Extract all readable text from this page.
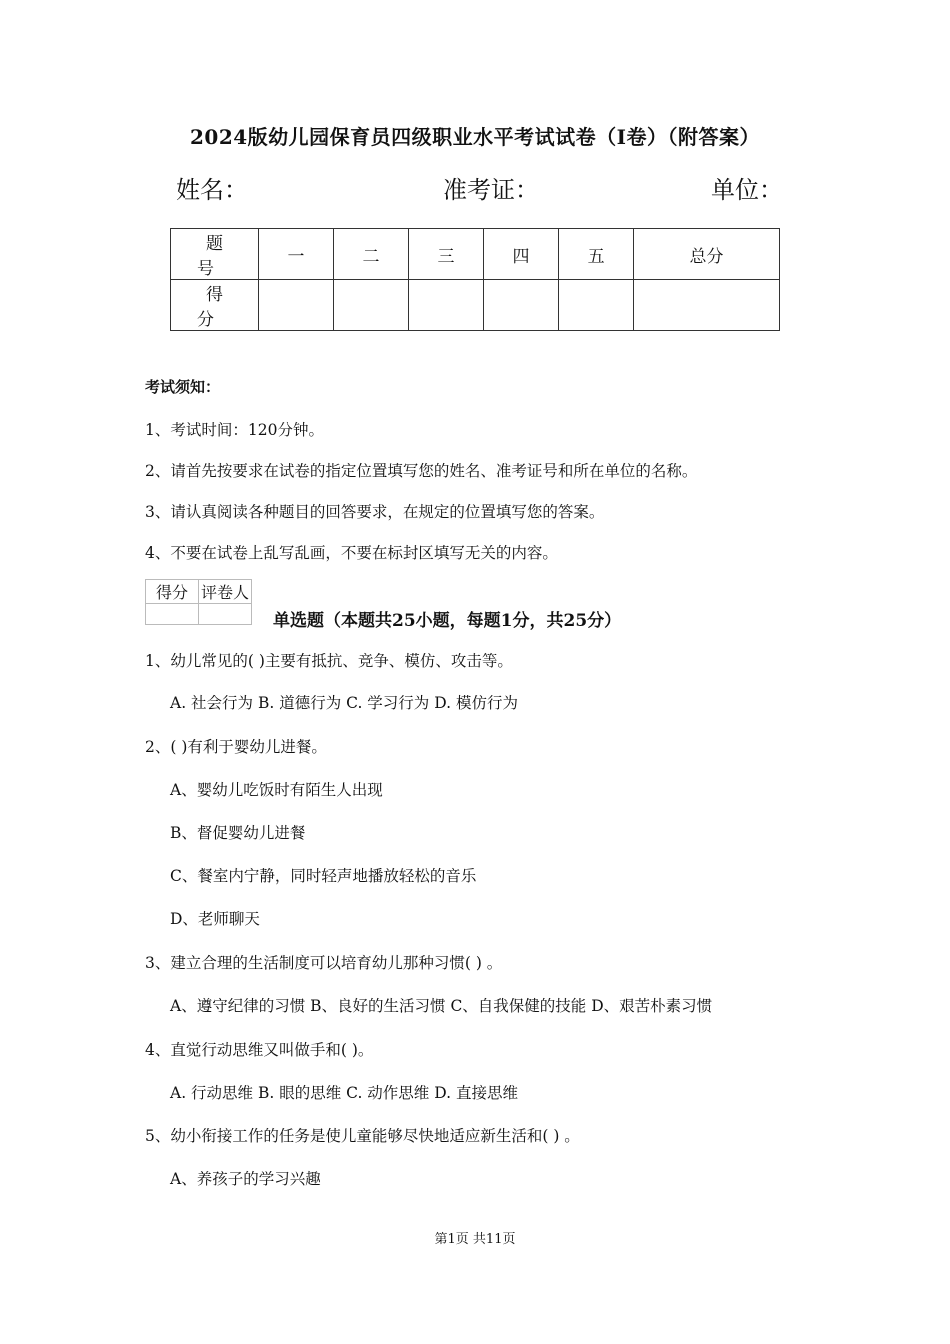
2024版幼儿园保育员四级职业水平考试试卷（I卷）（附答案）
姓名：	准考证：	单位：
题 号	一	二	三	四	五	总分
得 分						
考试须知：
1、考试时间：120分钟。
2、请首先按要求在试卷的指定位置填写您的姓名、准考证号和所在单位的名称。
3、请认真阅读各种题目的回答要求，在规定的位置填写您的答案。
4、不要在试卷上乱写乱画，不要在标封区填写无关的内容。
得分	评卷人

单选题（本题共25小题，每题1分，共25分）
1、幼儿常见的( )主要有抵抗、竞争、模仿、攻击等。
A. 社会行为 B. 道德行为 C. 学习行为 D. 模仿行为
2、( )有利于婴幼儿进餐。
A、婴幼儿吃饭时有陌生人出现
B、督促婴幼儿进餐
C、餐室内宁静，同时轻声地播放轻松的音乐
D、老师聊天
3、建立合理的生活制度可以培育幼儿那种习惯( ) 。
A、遵守纪律的习惯 B、良好的生活习惯 C、自我保健的技能 D、艰苦朴素习惯
4、直觉行动思维又叫做手和( )。
A. 行动思维 B. 眼的思维 C. 动作思维 D. 直接思维
5、幼小衔接工作的任务是使儿童能够尽快地适应新生活和( ) 。
A、养孩子的学习兴趣
第1页 共11页
